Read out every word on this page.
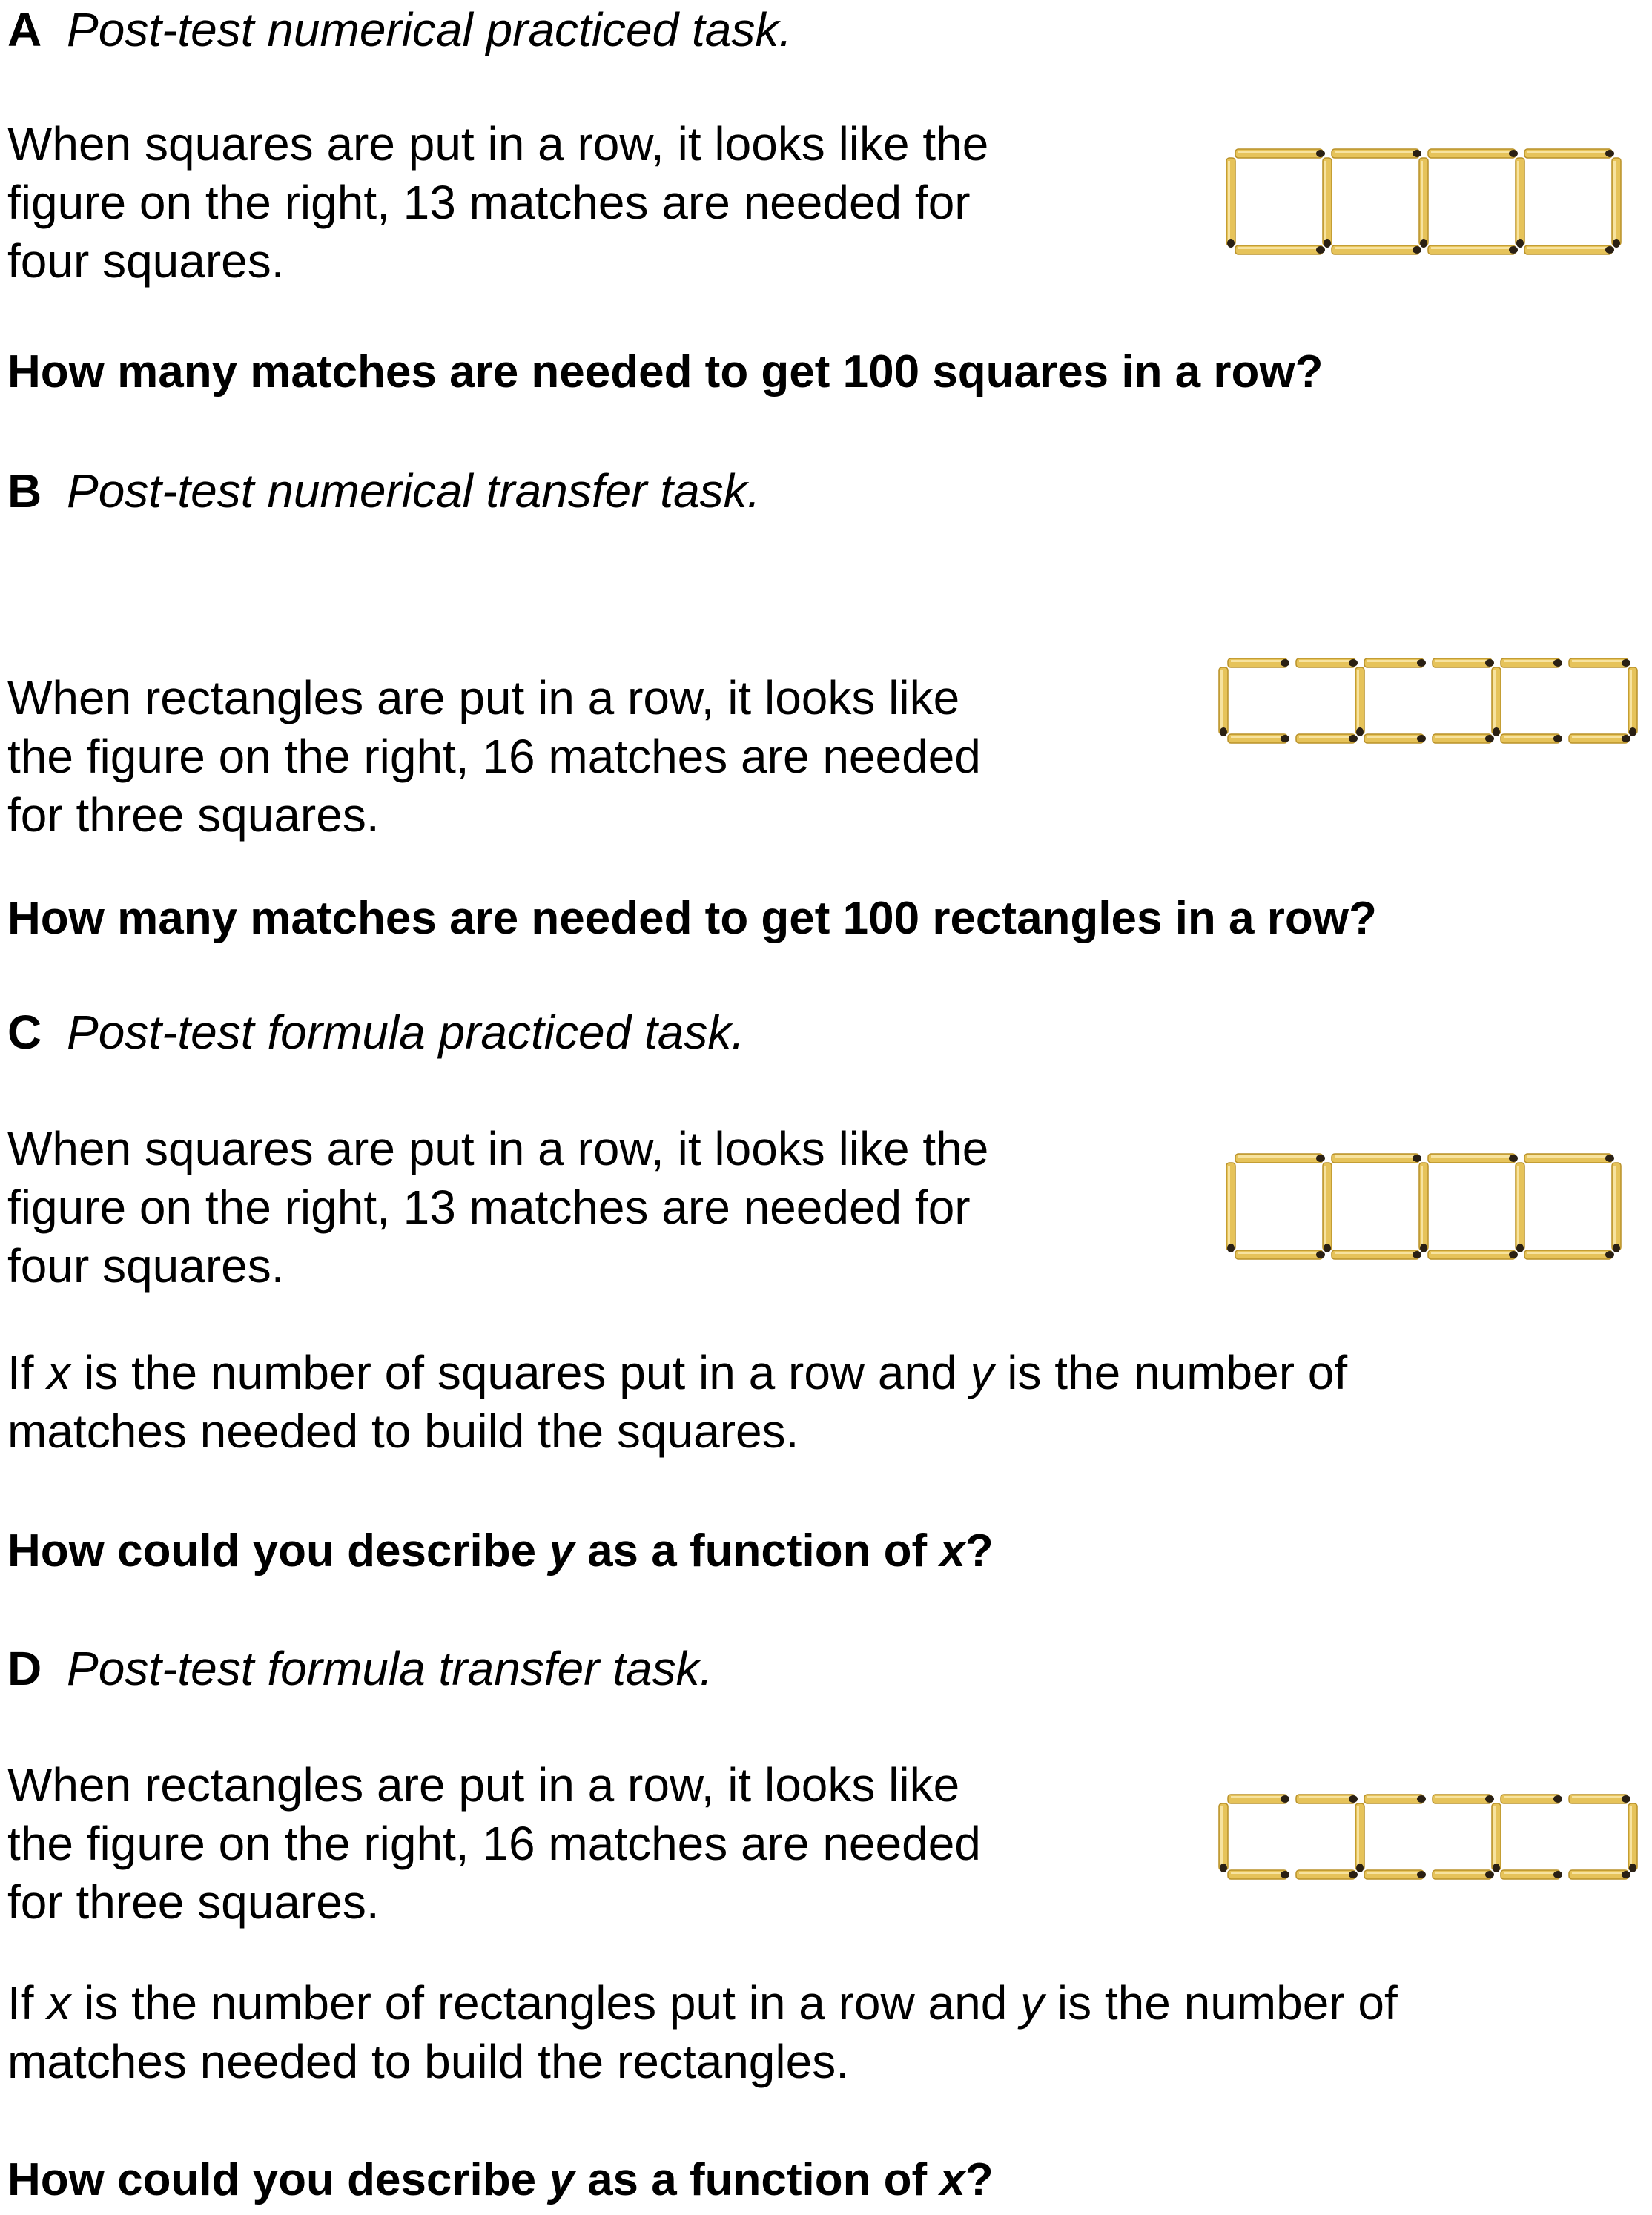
A Post-test numerical practiced task.
When squares are put in a row, it looks like the
figure on the right, 13 matches are needed for
four squares.
How many matches are needed to get 100 squares in a row?
B Post-test numerical transfer task.
When rectangles are put in a row, it looks like
the figure on the right, 16 matches are needed
for three squares.
How many matches are needed to get 100 rectangles in a row?
C Post-test formula practiced task.
When squares are put in a row, it looks like the
figure on the right, 13 matches are needed for
four squares.
If x is the number of squares put in a row and y is the number of
matches needed to build the squares.
How could you describe y as a function of x?
D Post-test formula transfer task.
When rectangles are put in a row, it looks like
the figure on the right, 16 matches are needed
for three squares.
If x is the number of rectangles put in a row and y is the number of
matches needed to build the rectangles.
How could you describe y as a function of x?
